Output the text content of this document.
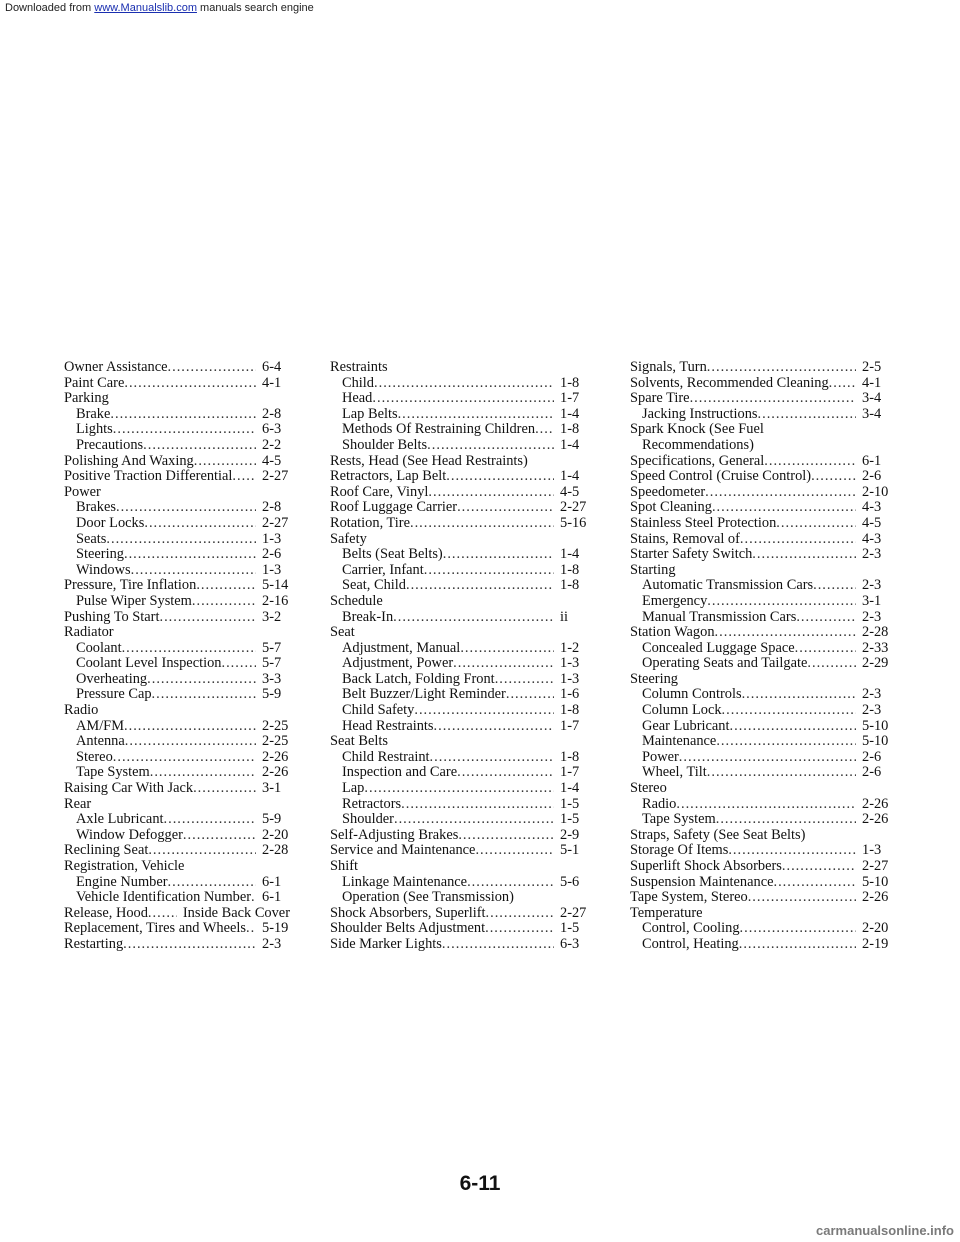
Downloaded from www.Manualslib.com manuals search engine
Owner Assistance .....	6-4
Paint Care .....	4-1
Parking
Brake .....	2-8
Lights .....	6-3
Precautions .....	2-2
Polishing And Waxing .....	4-5
Positive Traction Differential .....	2-27
Power
Brakes .....	2-8
Door Locks .....	2-27
Seats .....	1-3
Steering .....	2-6
Windows .....	1-3
Pressure, Tire Inflation .....	5-14
Pulse Wiper System .....	2-16
Pushing To Start .....	3-2
Radiator
Coolant .....	5-7
Coolant Level Inspection .....	5-7
Overheating .....	3-3
Pressure Cap .....	5-9
Radio
AM/FM .....	2-25
Antenna .....	2-25
Stereo .....	2-26
Tape System .....	2-26
Raising Car With Jack .....	3-1
Rear
Axle Lubricant .....	5-9
Window Defogger .....	2-20
Reclining Seat .....	2-28
Registration, Vehicle
Engine Number .....	6-1
Vehicle Identification Number ..... 6-1
Release, Hood .....	Inside Back Cover
Replacement, Tires and Wheels .....	5-19
Restarting .....	2-3
Restraints
Child .....	1-8
Head .....	1-7
Lap Belts .....	1-4
Methods Of Restraining Children .....	1-8
Shoulder Belts .....	1-4
Rests, Head (See Head Restraints)
Retractors, Lap Belt .....	1-4
Roof Care, Vinyl .....	4-5
Roof Luggage Carrier .....	2-27
Rotation, Tire .....	5-16
Safety
Belts (Seat Belts) .....	1-4
Carrier, Infant .....	1-8
Seat, Child .....	1-8
Schedule
Break-In .....	ii
Seat
Adjustment, Manual .....	1-2
Adjustment, Power .....	1-3
Back Latch, Folding Front .....	1-3
Belt Buzzer/Light Reminder .....	1-6
Child Safety .....	1-8
Head Restraints .....	1-7
Seat Belts
Child Restraint .....	1-8
Inspection and Care .....	1-7
Lap .....	1-4
Retractors .....	1-5
Shoulder .....	1-5
Self-Adjusting Brakes .....	2-9
Service and Maintenance .....	5-1
Shift
Linkage Maintenance .....	5-6
Operation (See Transmission)
Shock Absorbers, Superlift .....	2-27
Shoulder Belts Adjustment .....	1-5
Side Marker Lights .....	6-3
Signals, Turn .....	2-5
Solvents, Recommended Cleaning .....	4-1
Spare Tire .....	3-4
Jacking Instructions .....	3-4
Spark Knock (See Fuel
Recommendations)
Specifications, General .....	6-1
Speed Control (Cruise Control) .....	2-6
Speedometer .....	2-10
Spot Cleaning .....	4-3
Stainless Steel Protection .....	4-5
Stains, Removal of .....	4-3
Starter Safety Switch .....	2-3
Starting
Automatic Transmission Cars .....	2-3
Emergency .....	3-1
Manual Transmission Cars .....	2-3
Station Wagon .....	2-28
Concealed Luggage Space .....	2-33
Operating Seats and Tailgate .....	2-29
Steering
Column Controls .....	2-3
Column Lock .....	2-3
Gear Lubricant .....	5-10
Maintenance .....	5-10
Power .....	2-6
Wheel, Tilt .....	2-6
Stereo
Radio .....	2-26
Tape System .....	2-26
Straps, Safety (See Seat Belts)
Storage Of Items .....	1-3
Superlift Shock Absorbers .....	2-27
Suspension Maintenance .....	5-10
Tape System, Stereo .....	2-26
Temperature
Control, Cooling .....	2-20
Control, Heating .....	2-19
6-11
carmanualsonline.info
